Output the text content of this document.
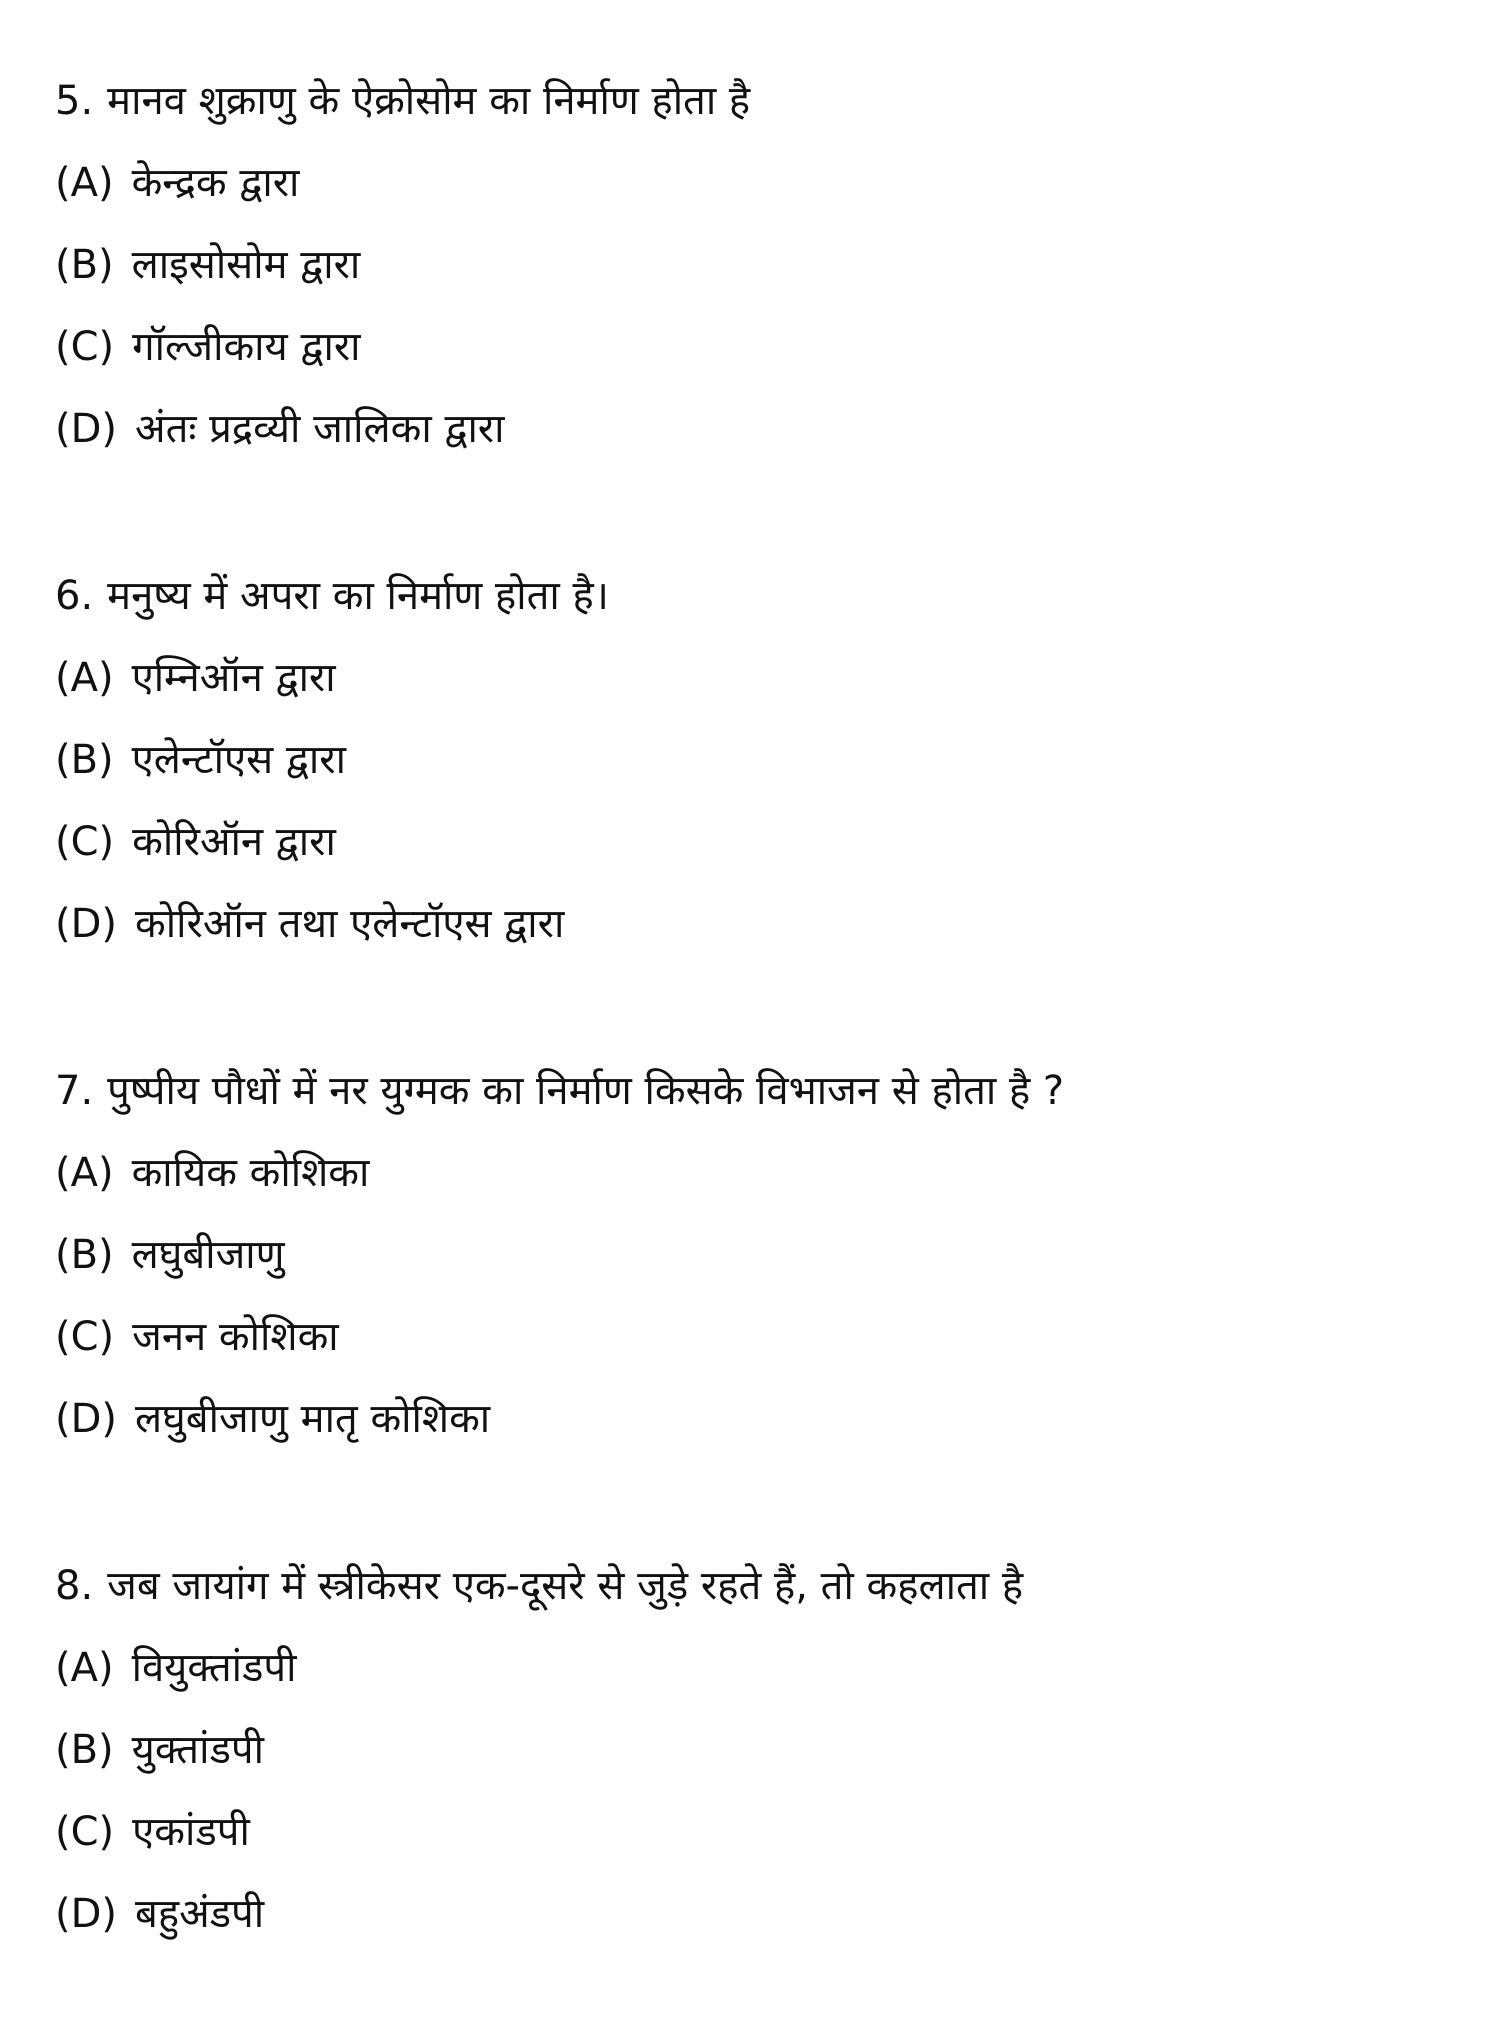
5. मानव शुक्राणु के ऐक्रोसोम का निर्माण होता है
(A) केन्द्रक द्वारा
(B) लाइसोसोम द्वारा
(C) गॉल्जीकाय द्वारा
(D) अंतः प्रद्रव्यी जालिका द्वारा
6. मनुष्य में अपरा का निर्माण होता है।
(A) एम्निऑन द्वारा
(B) एलेन्टॉएस द्वारा
(C) कोरिऑन द्वारा
(D) कोरिऑन तथा एलेन्टॉएस द्वारा
7. पुष्पीय पौधों में नर युग्मक का निर्माण किसके विभाजन से होता है ?
(A) कायिक कोशिका
(B) लघुबीजाणु
(C) जनन कोशिका
(D) लघुबीजाणु मातृ कोशिका
8. जब जायांग में स्त्रीकेसर एक-दूसरे से जुड़े रहते हैं, तो कहलाता है
(A) वियुक्तांडपी
(B) युक्तांडपी
(C) एकांडपी
(D) बहुअंडपी
